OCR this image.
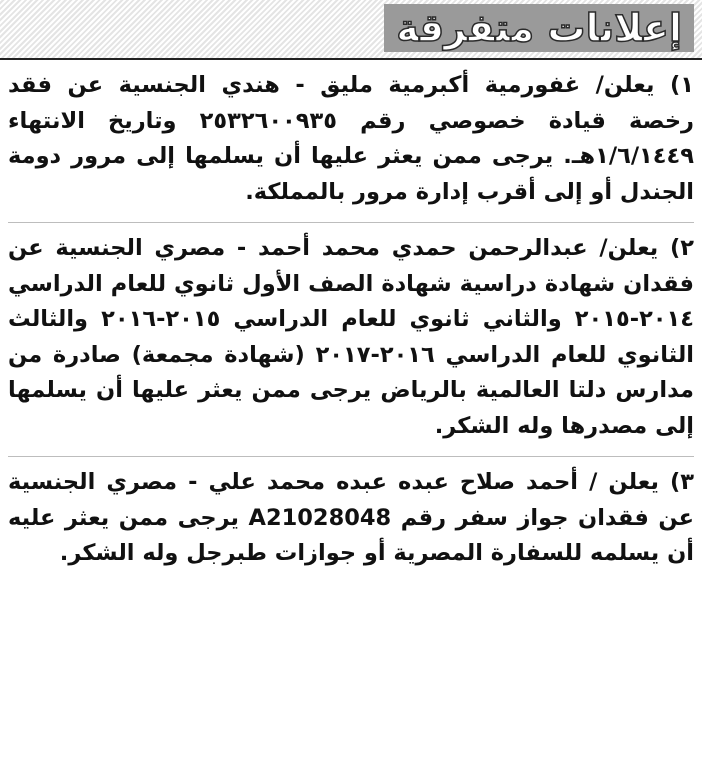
إعلانات متفرقة

١) يعلن/ غفورمية أكبرمية مليق - هندي الجنسية عن فقد رخصة قيادة خصوصي رقم ٢٥٣٢٦٠٠٩٣٥ وتاريخ الانتهاء ١/٦/١٤٤٩هـ. يرجى ممن يعثر عليها أن يسلمها إلى مرور دومة الجندل أو إلى أقرب إدارة مرور بالمملكة.

٢) يعلن/ عبدالرحمن حمدي محمد أحمد - مصري الجنسية عن فقدان شهادة دراسية شهادة الصف الأول ثانوي للعام الدراسي ٢٠١٤-٢٠١٥ والثاني ثانوي للعام الدراسي ٢٠١٥-٢٠١٦ والثالث الثانوي للعام الدراسي ٢٠١٦-٢٠١٧ (شهادة مجمعة) صادرة من مدارس دلتا العالمية بالرياض يرجى ممن يعثر عليها أن يسلمها إلى مصدرها وله الشكر.

٣) يعلن / أحمد صلاح عبده عبده محمد علي - مصري الجنسية عن فقدان جواز سفر رقم A21028048 يرجى ممن يعثر عليه أن يسلمه للسفارة المصرية أو جوازات طبرجل وله الشكر.
